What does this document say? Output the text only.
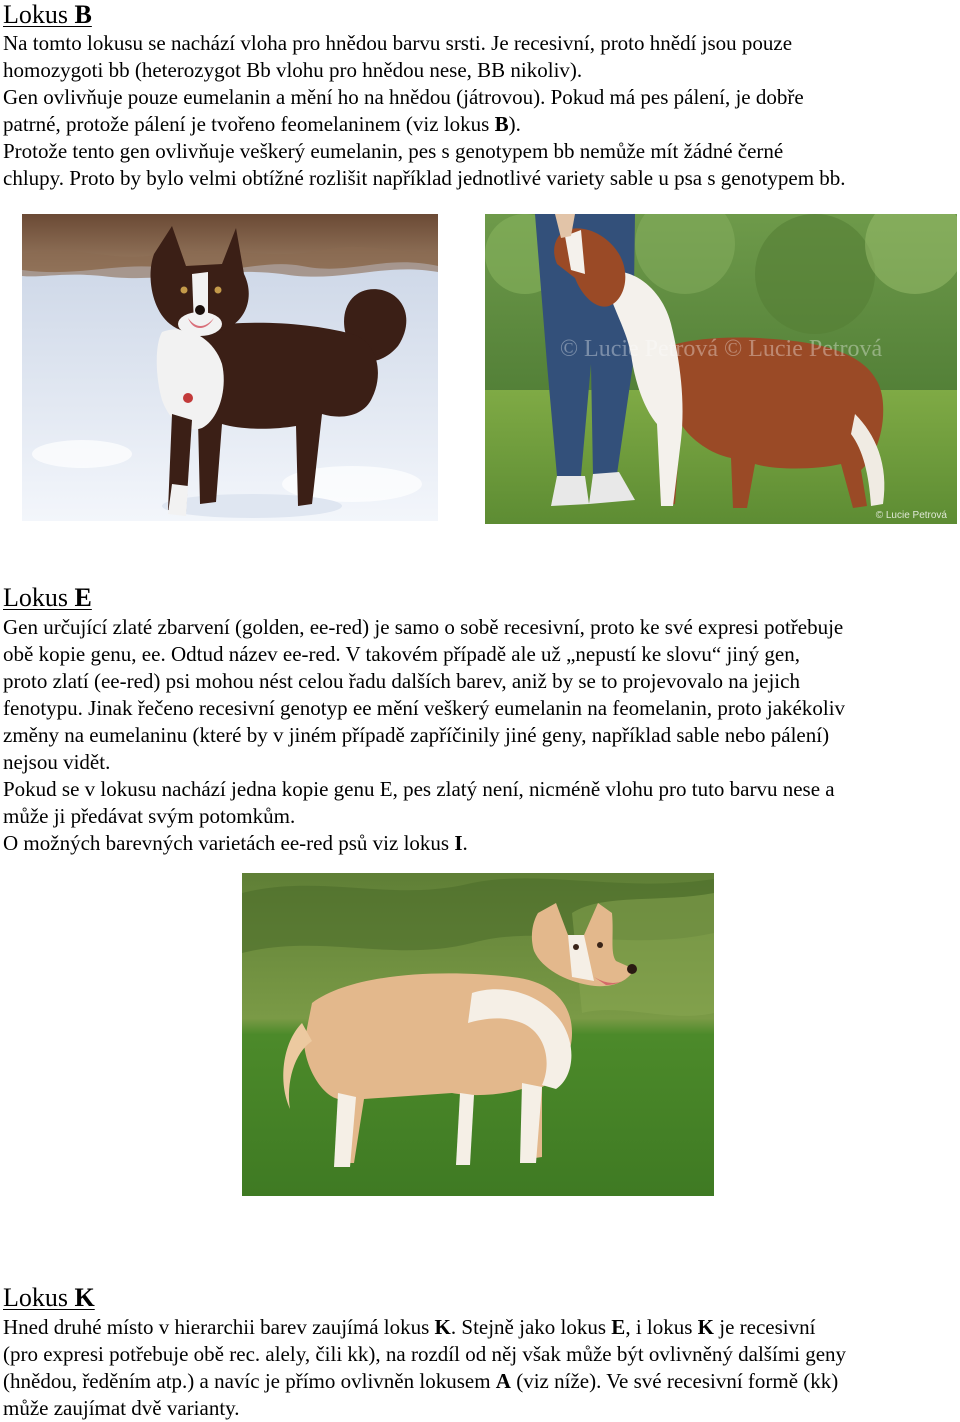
Lokus B
Na tomto lokusu se nachází vloha pro hnědou barvu srsti. Je recesivní, proto hnědí jsou pouze
homozygoti bb (heterozygot Bb vlohu pro hnědou nese, BB nikoliv).
Gen ovlivňuje pouze eumelanin a mění ho na hnědou (játrovou). Pokud má pes pálení, je dobře
patrné, protože pálení je tvořeno feomelaninem (viz lokus B).
Protože tento gen ovlivňuje veškerý eumelanin, pes s genotypem bb nemůže mít žádné černé
chlupy. Proto by bylo velmi obtížné rozlišit například jednotlivé variety sable u psa s genotypem bb.
© Lucie Petrová © Lucie Petrová
© Lucie Petrová
Lokus E
Gen určující zlaté zbarvení (golden, ee-red) je samo o sobě recesivní, proto ke své expresi potřebuje
obě kopie genu, ee. Odtud název ee-red. V takovém případě ale už „nepustí ke slovu“ jiný gen,
proto zlatí (ee-red) psi mohou nést celou řadu dalších barev, aniž by se to projevovalo na jejich
fenotypu. Jinak řečeno recesivní genotyp ee mění veškerý eumelanin na feomelanin, proto jakékoliv
změny na eumelaninu (které by v jiném případě zapříčinily jiné geny, například sable nebo pálení)
nejsou vidět.
Pokud se v lokusu nachází jedna kopie genu E, pes zlatý není, nicméně vlohu pro tuto barvu nese a
může ji předávat svým potomkům.
O možných barevných varietách ee-red psů viz lokus I.
Lokus K
Hned druhé místo v hierarchii barev zaujímá lokus K. Stejně jako lokus E, i lokus K je recesivní
(pro expresi potřebuje obě rec. alely, čili kk), na rozdíl od něj však může být ovlivněný dalšími geny
(hnědou, ředěním atp.) a navíc je přímo ovlivněn lokusem A (viz níže). Ve své recesivní formě (kk)
může zaujímat dvě varianty.
